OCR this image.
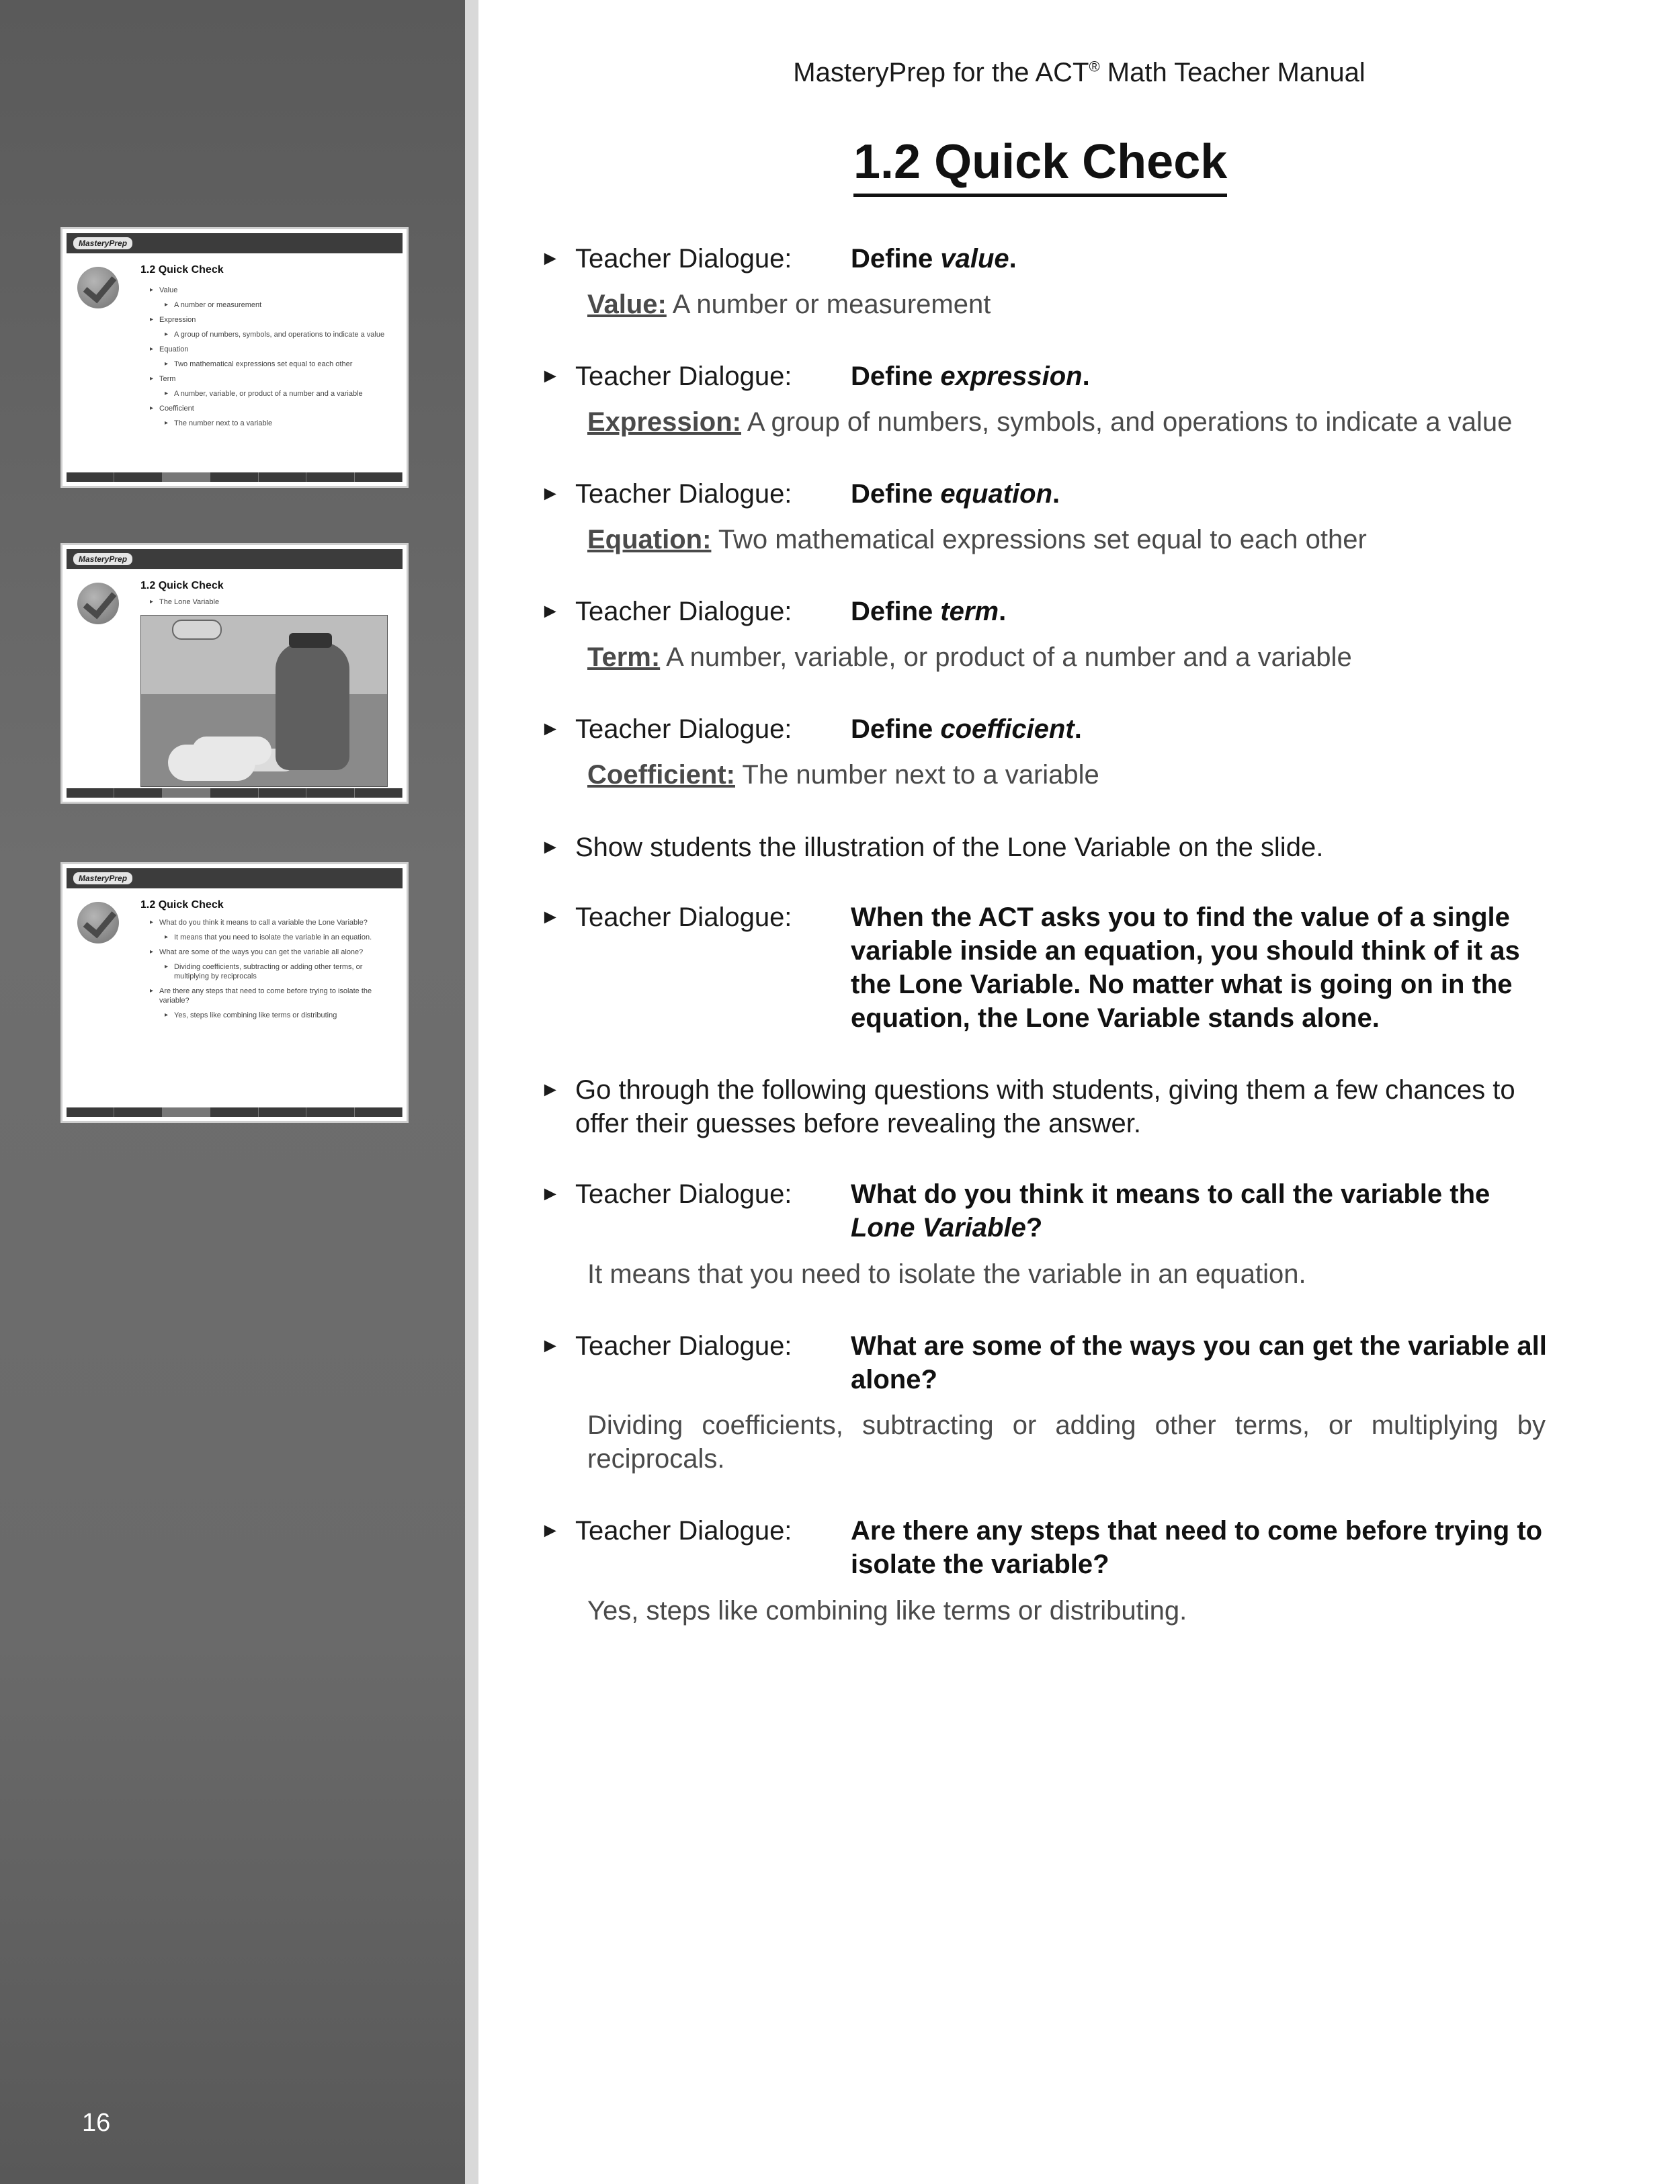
MasteryPrep
1.2 Quick Check
▸ Value
▸ A number or measurement
▸ Expression
▸ A group of numbers, symbols, and operations to indicate a value
▸ Equation
▸ Two mathematical expressions set equal to each other
▸ Term
▸ A number, variable, or product of a number and a variable
▸ Coefficient
▸ The number next to a variable
MasteryPrep
1.2 Quick Check
▸ The Lone Variable
MasteryPrep
1.2 Quick Check
▸ What do you think it means to call a variable the Lone Variable?
▸ It means that you need to isolate the variable in an equation.
▸ What are some of the ways you can get the variable all alone?
▸ Dividing coefficients, subtracting or adding other terms, or multiplying by reciprocals
▸ Are there any steps that need to come before trying to isolate the variable?
▸ Yes, steps like combining like terms or distributing
16
MasteryPrep for the ACT® Math Teacher Manual
1.2 Quick Check
► Teacher Dialogue: Define value.
Value: A number or measurement
► Teacher Dialogue: Define expression.
Expression: A group of numbers, symbols, and operations to indicate a value
► Teacher Dialogue: Define equation.
Equation: Two mathematical expressions set equal to each other
► Teacher Dialogue: Define term.
Term: A number, variable, or product of a number and a variable
► Teacher Dialogue: Define coefficient.
Coefficient: The number next to a variable
► Show students the illustration of the Lone Variable on the slide.
► Teacher Dialogue: When the ACT asks you to find the value of a single variable inside an equation, you should think of it as the Lone Variable. No matter what is going on in the equation, the Lone Variable stands alone.
► Go through the following questions with students, giving them a few chances to offer their guesses before revealing the answer.
► Teacher Dialogue: What do you think it means to call the variable the Lone Variable?
It means that you need to isolate the variable in an equation.
► Teacher Dialogue: What are some of the ways you can get the variable all alone?
Dividing coefficients, subtracting or adding other terms, or multiplying by reciprocals.
► Teacher Dialogue: Are there any steps that need to come before trying to isolate the variable?
Yes, steps like combining like terms or distributing.
